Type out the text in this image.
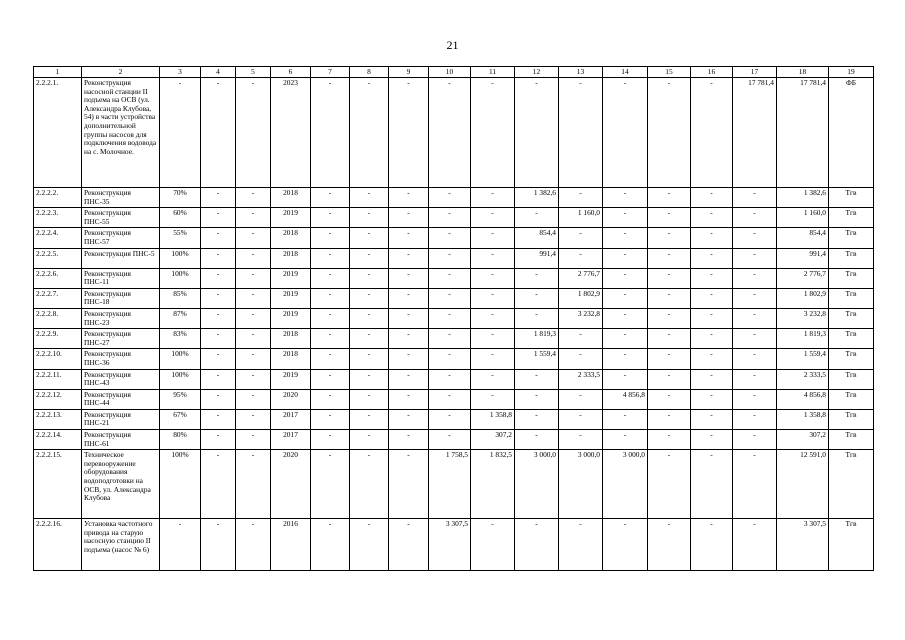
21
1	2	3	4	5	6	7	8	9	10	11	12	13	14	15	16	17	18	19
2.2.2.1.	Реконструкция насосной станции II подъема на ОСВ (ул. Александра Клубова, 54) в части устройства дополнительной группы насосов для подключения водовода на с. Молочное.	-	-	-	2023	-	-	-	-	-	-	-	-	-	-	17 781,4	17 781,4	ФБ
2.2.2.2.	Реконструкция ПНС-35	70%	-	-	2018	-	-	-	-	-	1 382,6	-	-	-	-	-	1 382,6	Тгв
2.2.2.3.	Реконструкция ПНС-55	60%	-	-	2019	-	-	-	-	-	-	1 160,0	-	-	-	-	1 160,0	Тгв
2.2.2.4.	Реконструкция ПНС-57	55%	-	-	2018	-	-	-	-	-	854,4	-	-	-	-	-	854,4	Тгв
2.2.2.5.	Реконструкция ПНС-5	100%	-	-	2018	-	-	-	-	-	991,4	-	-	-	-	-	991,4	Тгв
2.2.2.6.	Реконструкция ПНС-11	100%	-	-	2019	-	-	-	-	-	-	2 776,7	-	-	-	-	2 776,7	Тгв
2.2.2.7.	Реконструкция ПНС-18	85%	-	-	2019	-	-	-	-	-	-	1 802,9	-	-	-	-	1 802,9	Тгв
2.2.2.8.	Реконструкция ПНС-23	87%	-	-	2019	-	-	-	-	-	-	3 232,8	-	-	-	-	3 232,8	Тгв
2.2.2.9.	Реконструкция ПНС-27	83%	-	-	2018	-	-	-	-	-	1 819,3	-	-	-	-	-	1 819,3	Тгв
2.2.2.10.	Реконструкция ПНС-36	100%	-	-	2018	-	-	-	-	-	1 559,4	-	-	-	-	-	1 559,4	Тгв
2.2.2.11.	Реконструкция ПНС-43	100%	-	-	2019	-	-	-	-	-	-	2 333,5	-	-	-	-	2 333,5	Тгв
2.2.2.12.	Реконструкция ПНС-44	95%	-	-	2020	-	-	-	-	-	-	-	4 856,8	-	-	-	4 856,8	Тгв
2.2.2.13.	Реконструкция ПНС-21	67%	-	-	2017	-	-	-	-	1 358,8	-	-	-	-	-	-	1 358,8	Тгв
2.2.2.14.	Реконструкция ПНС-61	80%	-	-	2017	-	-	-	-	307,2	-	-	-	-	-	-	307,2	Тгв
2.2.2.15.	Техническое перевооружение оборудования водоподготовки на ОСВ, ул. Александра Клубова	100%	-	-	2020	-	-	-	1 758,5	1 832,5	3 000,0	3 000,0	3 000,0	-	-	-	12 591,0	Тгв
2.2.2.16.	Установка частотного привода на старую насосную станцию II подъема (насос № 6)	-	-	-	2016	-	-	-	3 307,5	-	-	-	-	-	-	-	3 307,5	Тгв
